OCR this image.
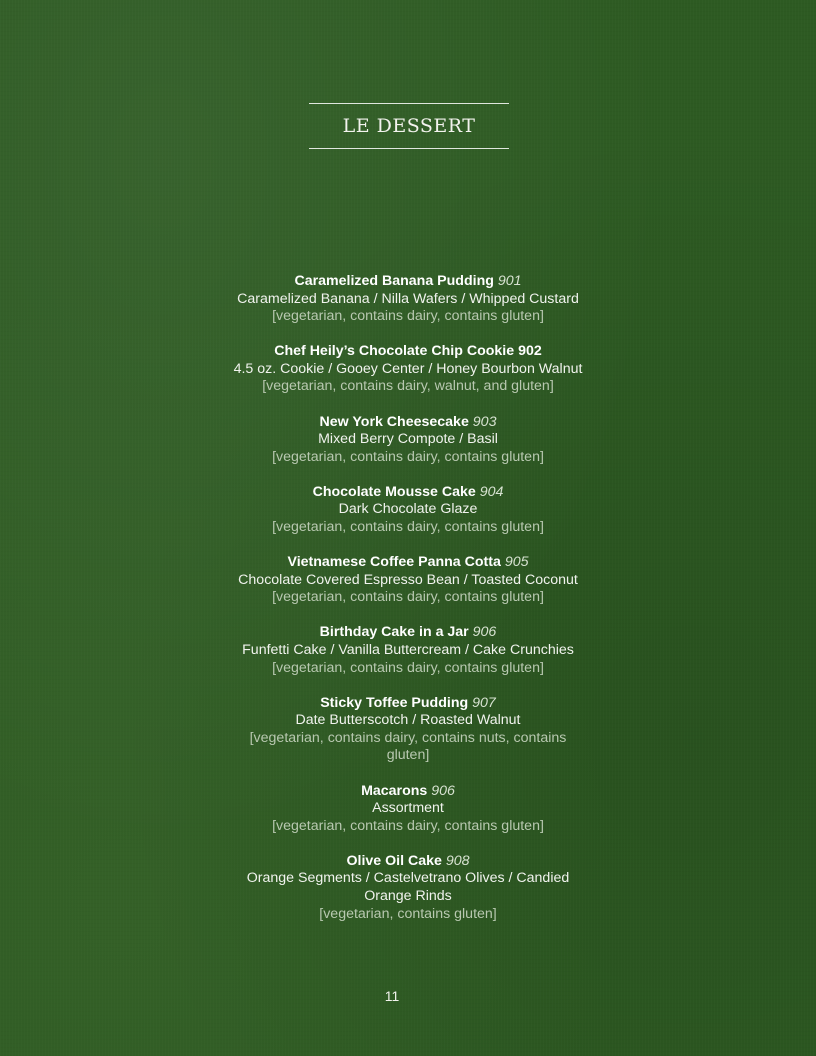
LE DESSERT
Caramelized Banana Pudding 901
Caramelized Banana / Nilla Wafers / Whipped Custard
[vegetarian, contains dairy, contains gluten]
Chef Heily’s Chocolate Chip Cookie 902
4.5 oz. Cookie / Gooey Center / Honey Bourbon Walnut
[vegetarian, contains dairy, walnut, and gluten]
New York Cheesecake 903
Mixed Berry Compote / Basil
[vegetarian, contains dairy, contains gluten]
Chocolate Mousse Cake 904
Dark Chocolate Glaze
[vegetarian, contains dairy, contains gluten]
Vietnamese Coffee Panna Cotta 905
Chocolate Covered Espresso Bean / Toasted Coconut
[vegetarian, contains dairy, contains gluten]
Birthday Cake in a Jar 906
Funfetti Cake / Vanilla Buttercream / Cake Crunchies
[vegetarian, contains dairy, contains gluten]
Sticky Toffee Pudding 907
Date Butterscotch / Roasted Walnut
[vegetarian, contains dairy, contains nuts, contains gluten]
Macarons 906
Assortment
[vegetarian, contains dairy, contains gluten]
Olive Oil Cake 908
Orange Segments / Castelvetrano Olives / Candied Orange Rinds
[vegetarian, contains gluten]
11
